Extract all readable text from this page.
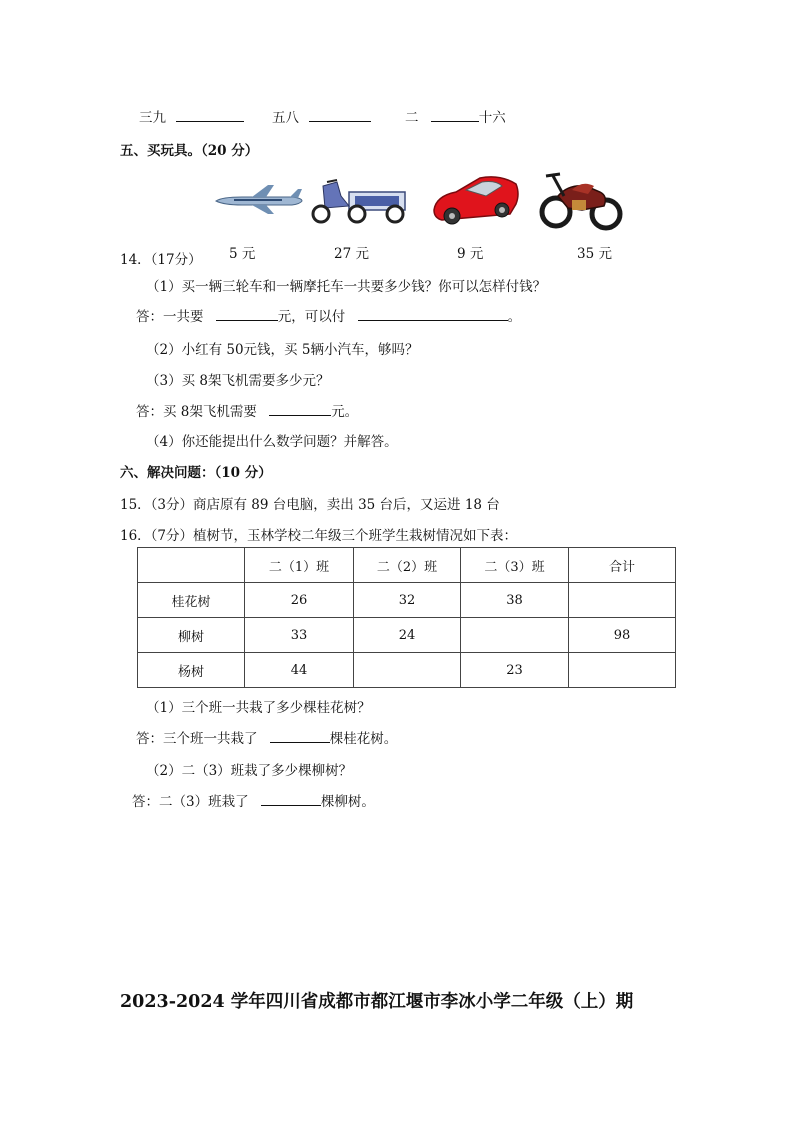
三九	五八	二	十六
五、买玩具。（20 分）
5 元	27 元	9 元	35 元
14．（17分）
（1）买一辆三轮车和一辆摩托车一共要多少钱？你可以怎样付钱？
答：一共要	元，可以付	。
（2）小红有 50元钱，买 5辆小汽车，够吗？
（3）买 8架飞机需要多少元？
答：买 8架飞机需要	元。
（4）你还能提出什么数学问题？并解答。
六、解决问题：（10 分）
15．（3分）商店原有 89 台电脑，卖出 35 台后，又运进 18 台
16．（7分）植树节，玉林学校二年级三个班学生栽树情况如下表：
	二（1）班	二（2）班	二（3）班	合计
桂花树	26	32	38	
柳树	33	24		98
杨树	44		23	
（1）三个班一共栽了多少棵桂花树？
答：三个班一共栽了	棵桂花树。
（2）二（3）班栽了多少棵柳树？
答：二（3）班栽了	棵柳树。
2023-2024 学年四川省成都市都江堰市李冰小学二年级（上）期
